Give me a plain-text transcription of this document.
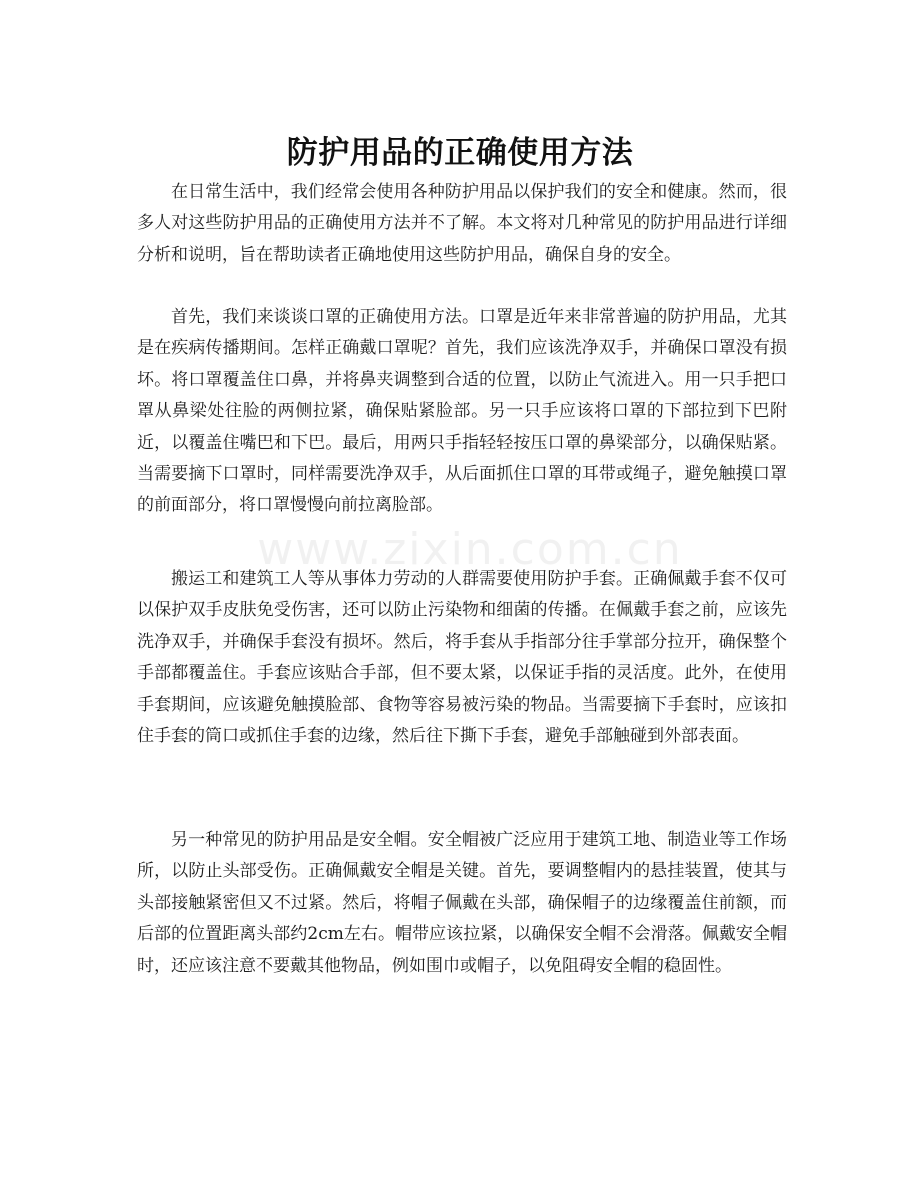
防护用品的正确使用方法

在日常生活中，我们经常会使用各种防护用品以保护我们的安全和健康。然而，很多人对这些防护用品的正确使用方法并不了解。本文将对几种常见的防护用品进行详细分析和说明，旨在帮助读者正确地使用这些防护用品，确保自身的安全。

首先，我们来谈谈口罩的正确使用方法。口罩是近年来非常普遍的防护用品，尤其是在疾病传播期间。怎样正确戴口罩呢？首先，我们应该洗净双手，并确保口罩没有损坏。将口罩覆盖住口鼻，并将鼻夹调整到合适的位置，以防止气流进入。用一只手把口罩从鼻梁处往脸的两侧拉紧，确保贴紧脸部。另一只手应该将口罩的下部拉到下巴附近，以覆盖住嘴巴和下巴。最后，用两只手指轻轻按压口罩的鼻梁部分，以确保贴紧。当需要摘下口罩时，同样需要洗净双手，从后面抓住口罩的耳带或绳子，避免触摸口罩的前面部分，将口罩慢慢向前拉离脸部。

搬运工和建筑工人等从事体力劳动的人群需要使用防护手套。正确佩戴手套不仅可以保护双手皮肤免受伤害，还可以防止污染物和细菌的传播。在佩戴手套之前，应该先洗净双手，并确保手套没有损坏。然后，将手套从手指部分往手掌部分拉开，确保整个手部都覆盖住。手套应该贴合手部，但不要太紧，以保证手指的灵活度。此外，在使用手套期间，应该避免触摸脸部、食物等容易被污染的物品。当需要摘下手套时，应该扣住手套的筒口或抓住手套的边缘，然后往下撕下手套，避免手部触碰到外部表面。

另一种常见的防护用品是安全帽。安全帽被广泛应用于建筑工地、制造业等工作场所，以防止头部受伤。正确佩戴安全帽是关键。首先，要调整帽内的悬挂装置，使其与头部接触紧密但又不过紧。然后，将帽子佩戴在头部，确保帽子的边缘覆盖住前额，而后部的位置距离头部约2cm左右。帽带应该拉紧，以确保安全帽不会滑落。佩戴安全帽时，还应该注意不要戴其他物品，例如围巾或帽子，以免阻碍安全帽的稳固性。

www.zixin.com.cn
